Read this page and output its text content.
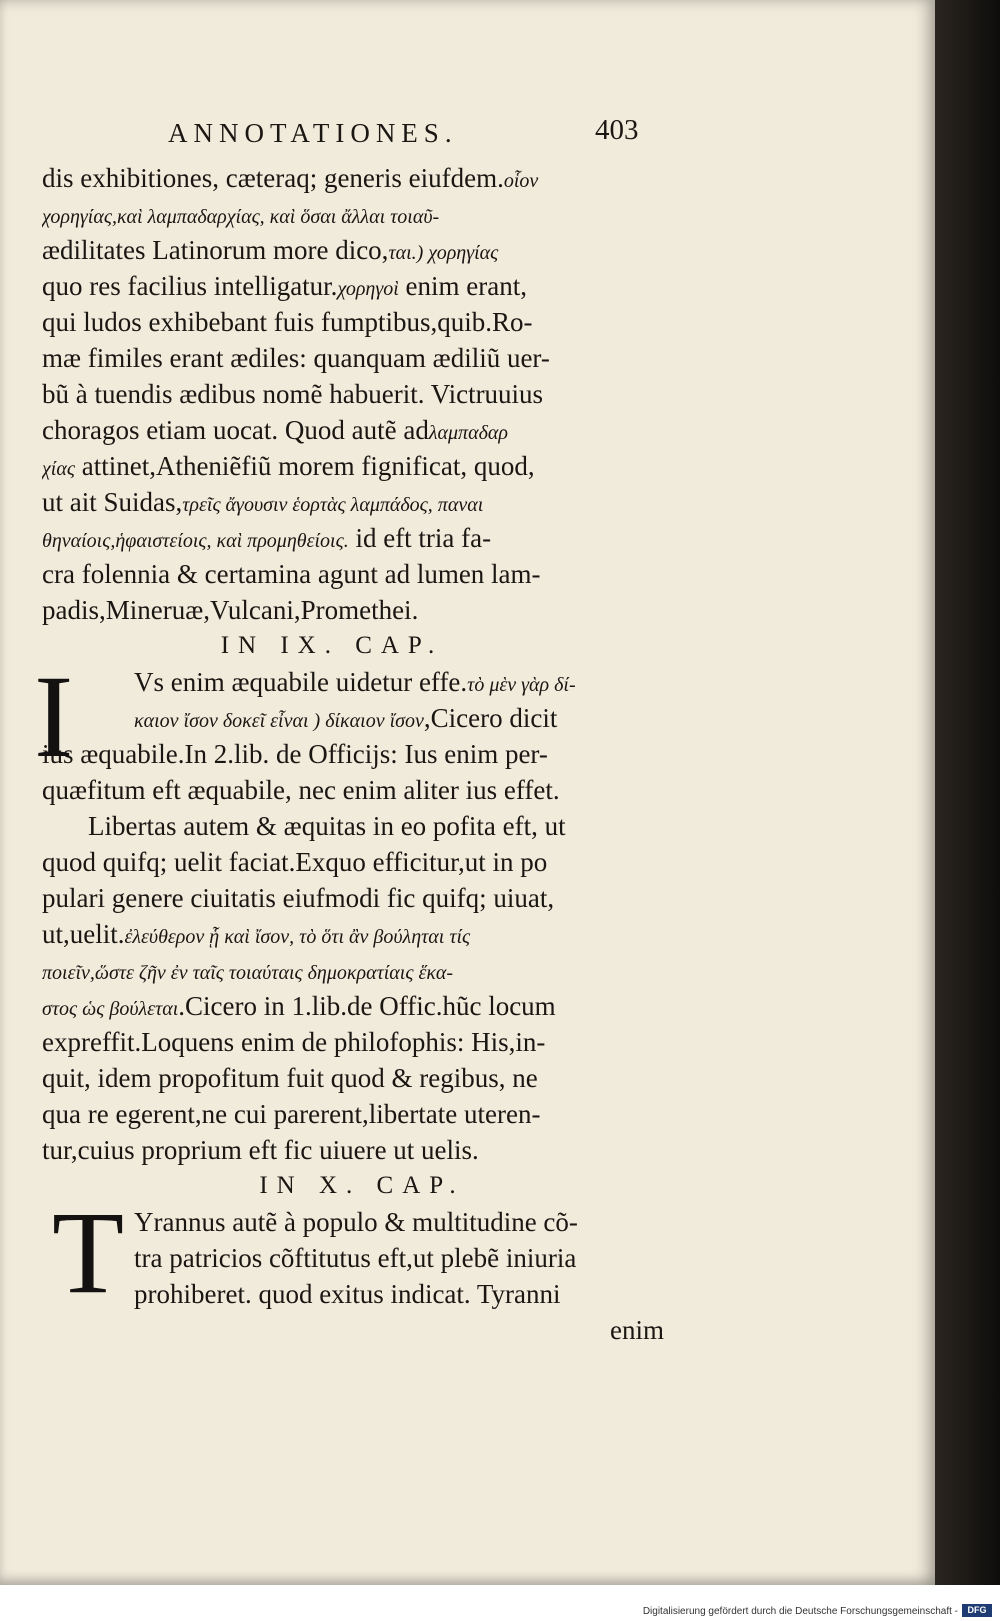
ANNOTATIONES.	403
dis exhibitiones, cæteraq; generis eiufdem.οἷον
χορηγίας,καὶ λαμπαδαρχίας, καὶ ὅσαι ἄλλαι τοιαῦ-
ædilitates Latinorum more dico,ται.) χορηγίας
quo res facilius intelligatur.χορηγοὶ enim erant,
qui ludos exhibebant fuis fumptibus,quib.Ro-
mæ fimiles erant ædiles: quanquam ædiliũ uer-
bũ à tuendis ædibus nomẽ habuerit. Victruuius
choragos etiam uocat. Quod autẽ adλαμπαδαρ
χίας attinet,Atheniẽfiũ morem fignificat, quod,
ut ait Suidas,τρεῖς ἄγουσιν ἑορτὰς λαμπάδος, παναι
θηναίοις,ἡφαιστείοις, καὶ προμηθείοις. id eft tria fa-
cra folennia & certamina agunt ad lumen lam-
padis,Mineruæ,Vulcani,Promethei.
IN IX. CAP.
I	Vs enim æquabile uidetur effe.τὸ μὲν γὰρ δί-
καιον ἴσον δοκεῖ εἶναι ) δίκαιον ἴσον,Cicero dicit
ius æquabile.In 2.lib. de Officijs: Ius enim per-
quæfitum eft æquabile, nec enim aliter ius effet.
Libertas autem & æquitas in eo pofita eft, ut
quod quifq; uelit faciat.Exquo efficitur,ut in po
pulari genere ciuitatis eiufmodi fic quifq; uiuat,
ut,uelit.ἐλεύθερον ᾗ καὶ ἴσον, τὸ ὅτι ἂν βούληται τίς
ποιεῖν,ὥστε ζῆν ἐν ταῖς τοιαύταις δημοκρατίαις ἕκα-
στος ὡς βούλεται.Cicero in 1.lib.de Offic.hũc locum
expreffit.Loquens enim de philofophis: His,in-
quit, idem propofitum fuit quod & regibus, ne
qua re egerent,ne cui parerent,libertate uteren-
tur,cuius proprium eft fic uiuere ut uelis.
IN X. CAP.
T Yrannus autẽ à populo & multitudine cõ-
tra patricios cõftitutus eft,ut plebẽ iniuria
prohiberet. quod exitus indicat. Tyranni
enim
Digitalisierung gefördert durch die Deutsche Forschungsgemeinschaft -	DFG
